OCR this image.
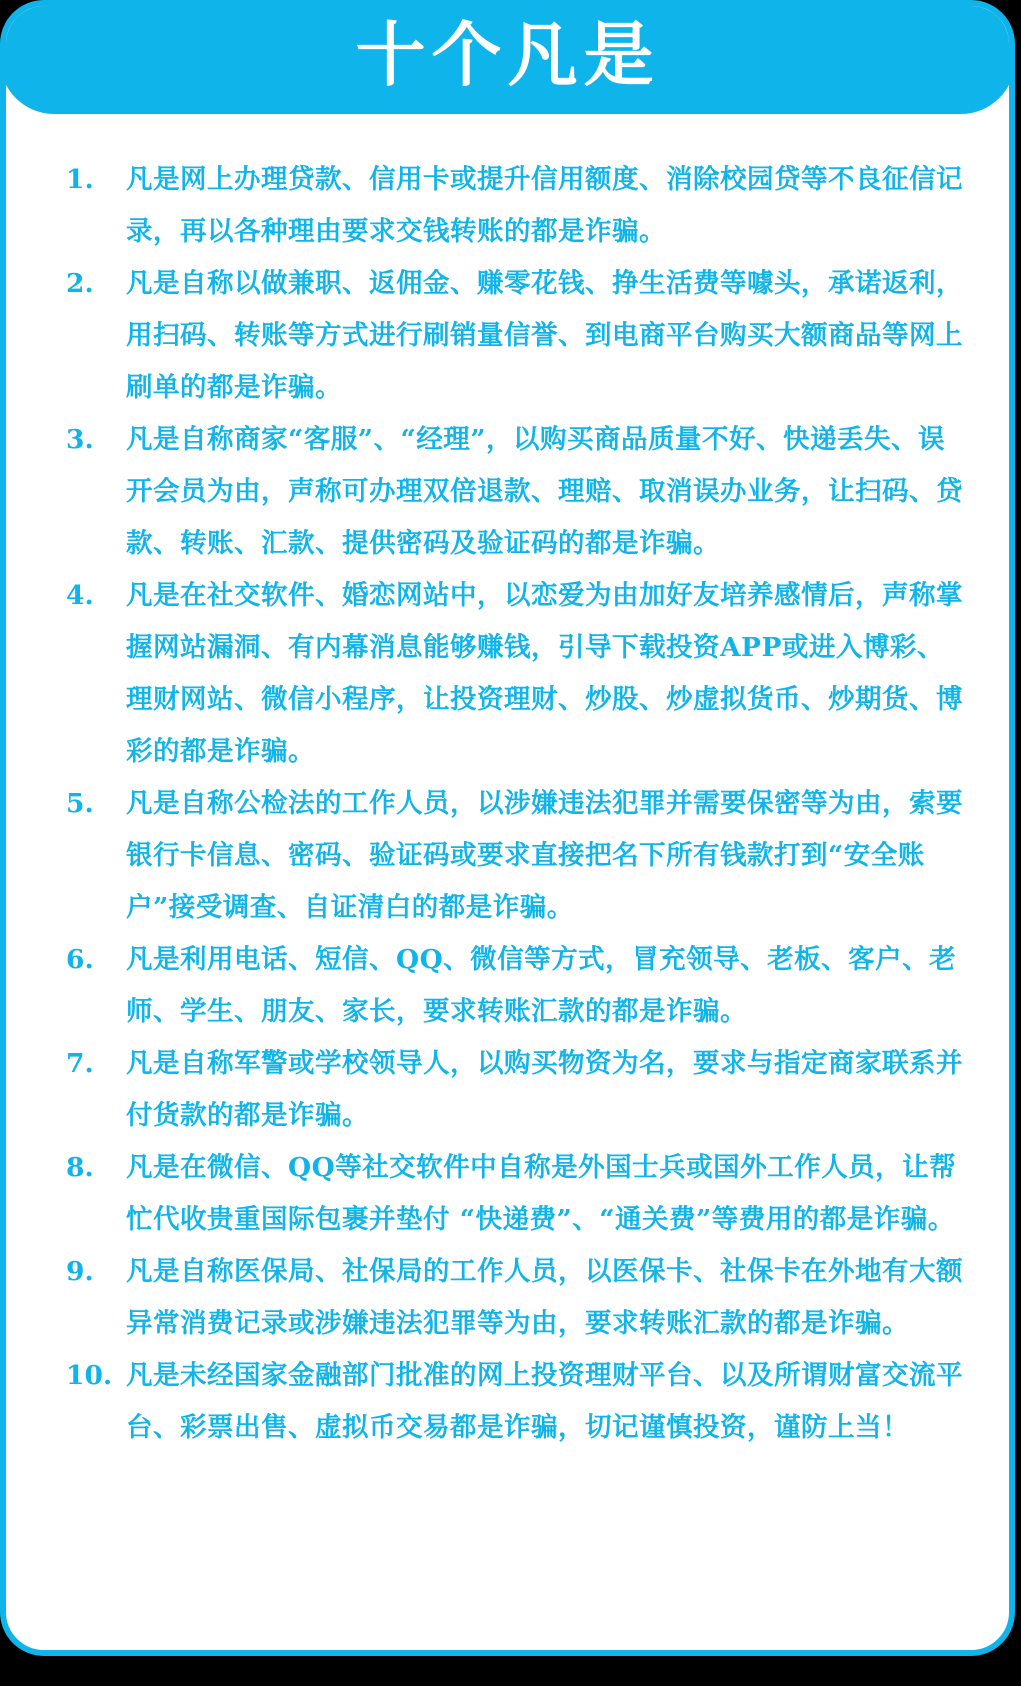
十个凡是
1.	凡是网上办理贷款、信用卡或提升信用额度、消除校园贷等不良征信记录，再以各种理由要求交钱转账的都是诈骗。
2.	凡是自称以做兼职、返佣金、赚零花钱、挣生活费等噱头，承诺返利，用扫码、转账等方式进行刷销量信誉、到电商平台购买大额商品等网上刷单的都是诈骗。
3.	凡是自称商家“客服”、“经理”，以购买商品质量不好、快递丢失、误开会员为由，声称可办理双倍退款、理赔、取消误办业务，让扫码、贷款、转账、汇款、提供密码及验证码的都是诈骗。
4.	凡是在社交软件、婚恋网站中，以恋爱为由加好友培养感情后，声称掌握网站漏洞、有内幕消息能够赚钱，引导下载投资APP或进入博彩、理财网站、微信小程序，让投资理财、炒股、炒虚拟货币、炒期货、博彩的都是诈骗。
5.	凡是自称公检法的工作人员，以涉嫌违法犯罪并需要保密等为由，索要银行卡信息、密码、验证码或要求直接把名下所有钱款打到“安全账户”接受调查、自证清白的都是诈骗。
6.	凡是利用电话、短信、QQ、微信等方式，冒充领导、老板、客户、老师、学生、朋友、家长，要求转账汇款的都是诈骗。
7.	凡是自称军警或学校领导人，以购买物资为名，要求与指定商家联系并付货款的都是诈骗。
8.	凡是在微信、QQ等社交软件中自称是外国士兵或国外工作人员，让帮忙代收贵重国际包裹并垫付 “快递费”、“通关费”等费用的都是诈骗。
9.	凡是自称医保局、社保局的工作人员，以医保卡、社保卡在外地有大额异常消费记录或涉嫌违法犯罪等为由，要求转账汇款的都是诈骗。
10. 凡是未经国家金融部门批准的网上投资理财平台、以及所谓财富交流平台、彩票出售、虚拟币交易都是诈骗，切记谨慎投资，谨防上当！
